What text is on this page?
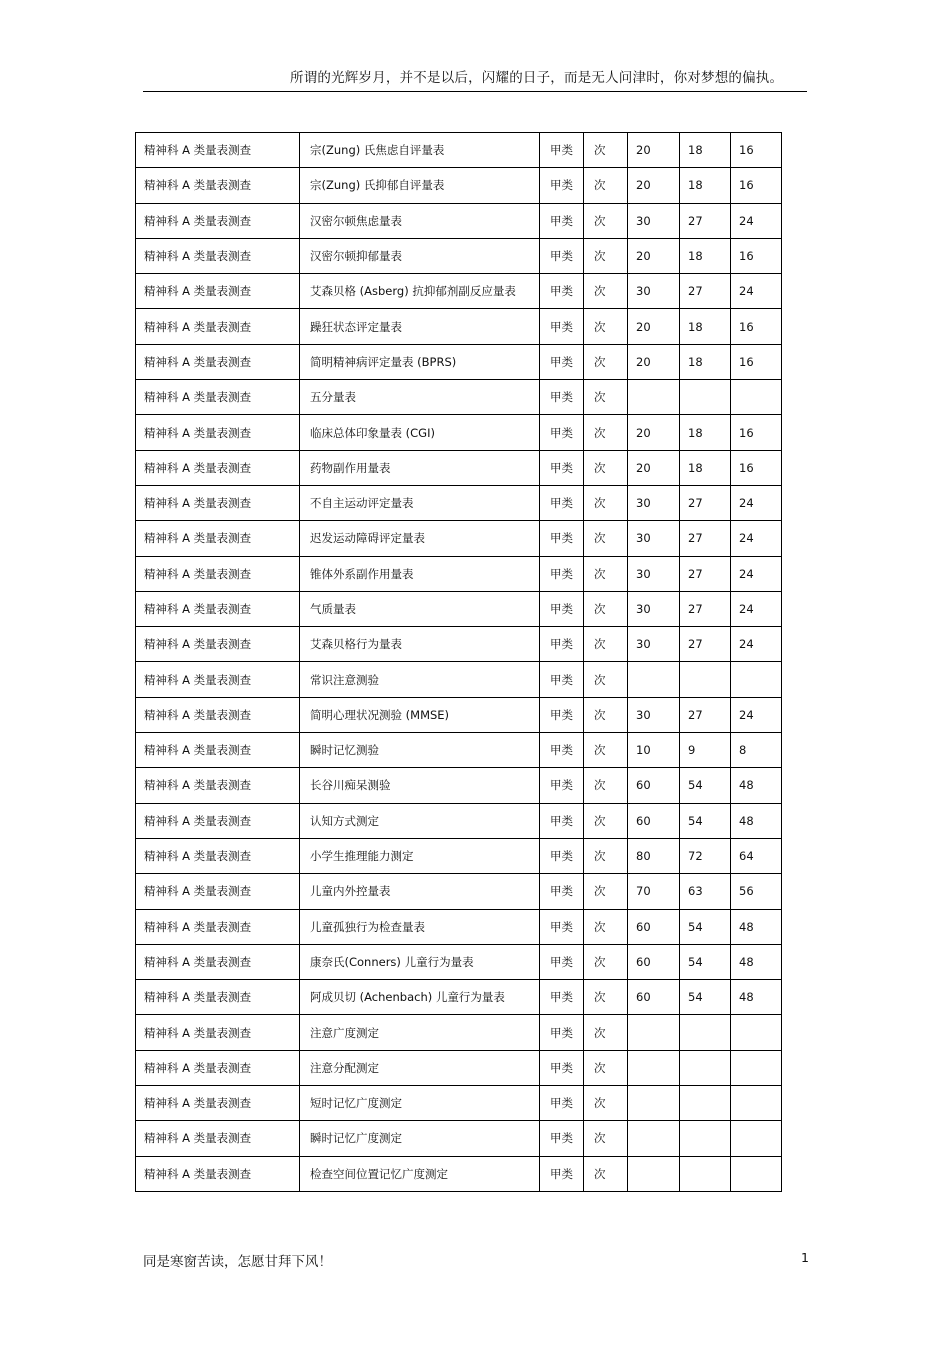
所谓的光辉岁月，并不是以后，闪耀的日子，而是无人问津时，你对梦想的偏执。
精神科 A 类量表测查	宗(Zung) 氏焦虑自评量表	甲类	次	20	18	16
精神科 A 类量表测查	宗(Zung) 氏抑郁自评量表	甲类	次	20	18	16
精神科 A 类量表测查	汉密尔顿焦虑量表	甲类	次	30	27	24
精神科 A 类量表测查	汉密尔顿抑郁量表	甲类	次	20	18	16
精神科 A 类量表测查	艾森贝格 (Asberg) 抗抑郁剂副反应量表	甲类	次	30	27	24
精神科 A 类量表测查	躁狂状态评定量表	甲类	次	20	18	16
精神科 A 类量表测查	简明精神病评定量表 (BPRS)	甲类	次	20	18	16
精神科 A 类量表测查	五分量表	甲类	次			
精神科 A 类量表测查	临床总体印象量表 (CGI)	甲类	次	20	18	16
精神科 A 类量表测查	药物副作用量表	甲类	次	20	18	16
精神科 A 类量表测查	不自主运动评定量表	甲类	次	30	27	24
精神科 A 类量表测查	迟发运动障碍评定量表	甲类	次	30	27	24
精神科 A 类量表测查	锥体外系副作用量表	甲类	次	30	27	24
精神科 A 类量表测查	气质量表	甲类	次	30	27	24
精神科 A 类量表测查	艾森贝格行为量表	甲类	次	30	27	24
精神科 A 类量表测查	常识注意测验	甲类	次			
精神科 A 类量表测查	简明心理状况测验 (MMSE)	甲类	次	30	27	24
精神科 A 类量表测查	瞬时记忆测验	甲类	次	10	9	8
精神科 A 类量表测查	长谷川痴呆测验	甲类	次	60	54	48
精神科 A 类量表测查	认知方式测定	甲类	次	60	54	48
精神科 A 类量表测查	小学生推理能力测定	甲类	次	80	72	64
精神科 A 类量表测查	儿童内外控量表	甲类	次	70	63	56
精神科 A 类量表测查	儿童孤独行为检查量表	甲类	次	60	54	48
精神科 A 类量表测查	康奈氏(Conners) 儿童行为量表	甲类	次	60	54	48
精神科 A 类量表测查	阿成贝切 (Achenbach) 儿童行为量表	甲类	次	60	54	48
精神科 A 类量表测查	注意广度测定	甲类	次			
精神科 A 类量表测查	注意分配测定	甲类	次			
精神科 A 类量表测查	短时记忆广度测定	甲类	次			
精神科 A 类量表测查	瞬时记忆广度测定	甲类	次			
精神科 A 类量表测查	检查空间位置记忆广度测定	甲类	次			
同是寒窗苦读，怎愿甘拜下风！	1
